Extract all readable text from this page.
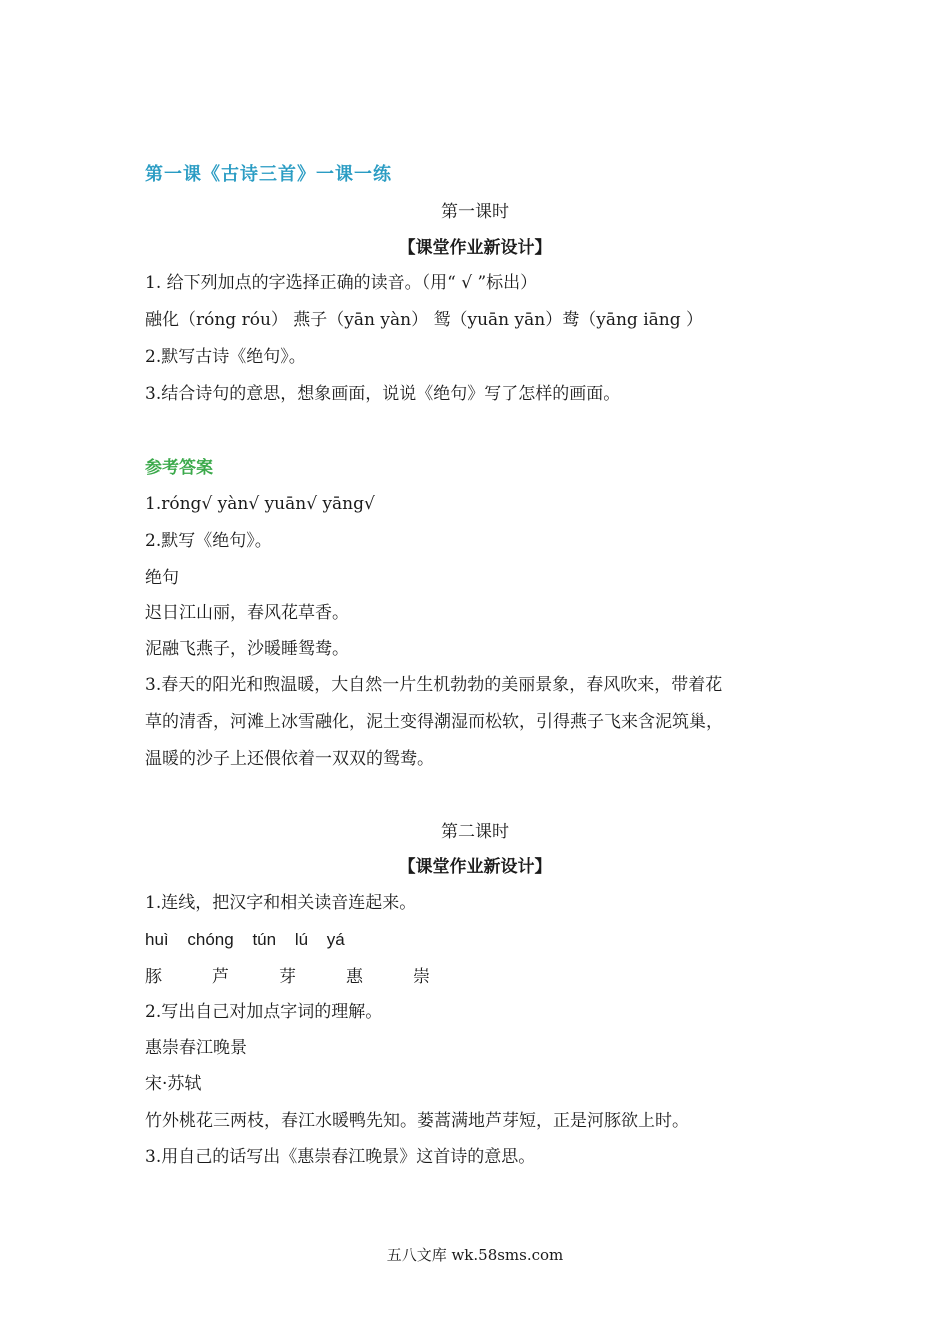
第一课《古诗三首》一课一练
第一课时
【课堂作业新设计】
1. 给下列加点的字选择正确的读音。（用“ √ ”标出）
融化（róng róu） 燕子（yān yàn） 鸳（yuān yān）鸯（yāng iāng ）
2.默写古诗《绝句》。
3.结合诗句的意思，想象画面，说说《绝句》写了怎样的画面。
参考答案
1.róng√ yàn√ yuān√ yāng√
2.默写《绝句》。
绝句
迟日江山丽，春风花草香。
泥融飞燕子，沙暖睡鸳鸯。
3.春天的阳光和煦温暖，大自然一片生机勃勃的美丽景象，春风吹来，带着花
草的清香，河滩上冰雪融化，泥土变得潮湿而松软，引得燕子飞来含泥筑巢，
温暖的沙子上还偎依着一双双的鸳鸯。
第二课时
【课堂作业新设计】
1.连线，把汉字和相关读音连起来。
huì chóng tún lú yá
豚	芦	芽	惠	崇
2.写出自己对加点字词的理解。
惠崇春江晚景
宋·苏轼
竹外桃花三两枝，春江水暖鸭先知。蒌蒿满地芦芽短，正是河豚欲上时。
3.用自己的话写出《惠崇春江晚景》这首诗的意思。
五八文库 wk.58sms.com
